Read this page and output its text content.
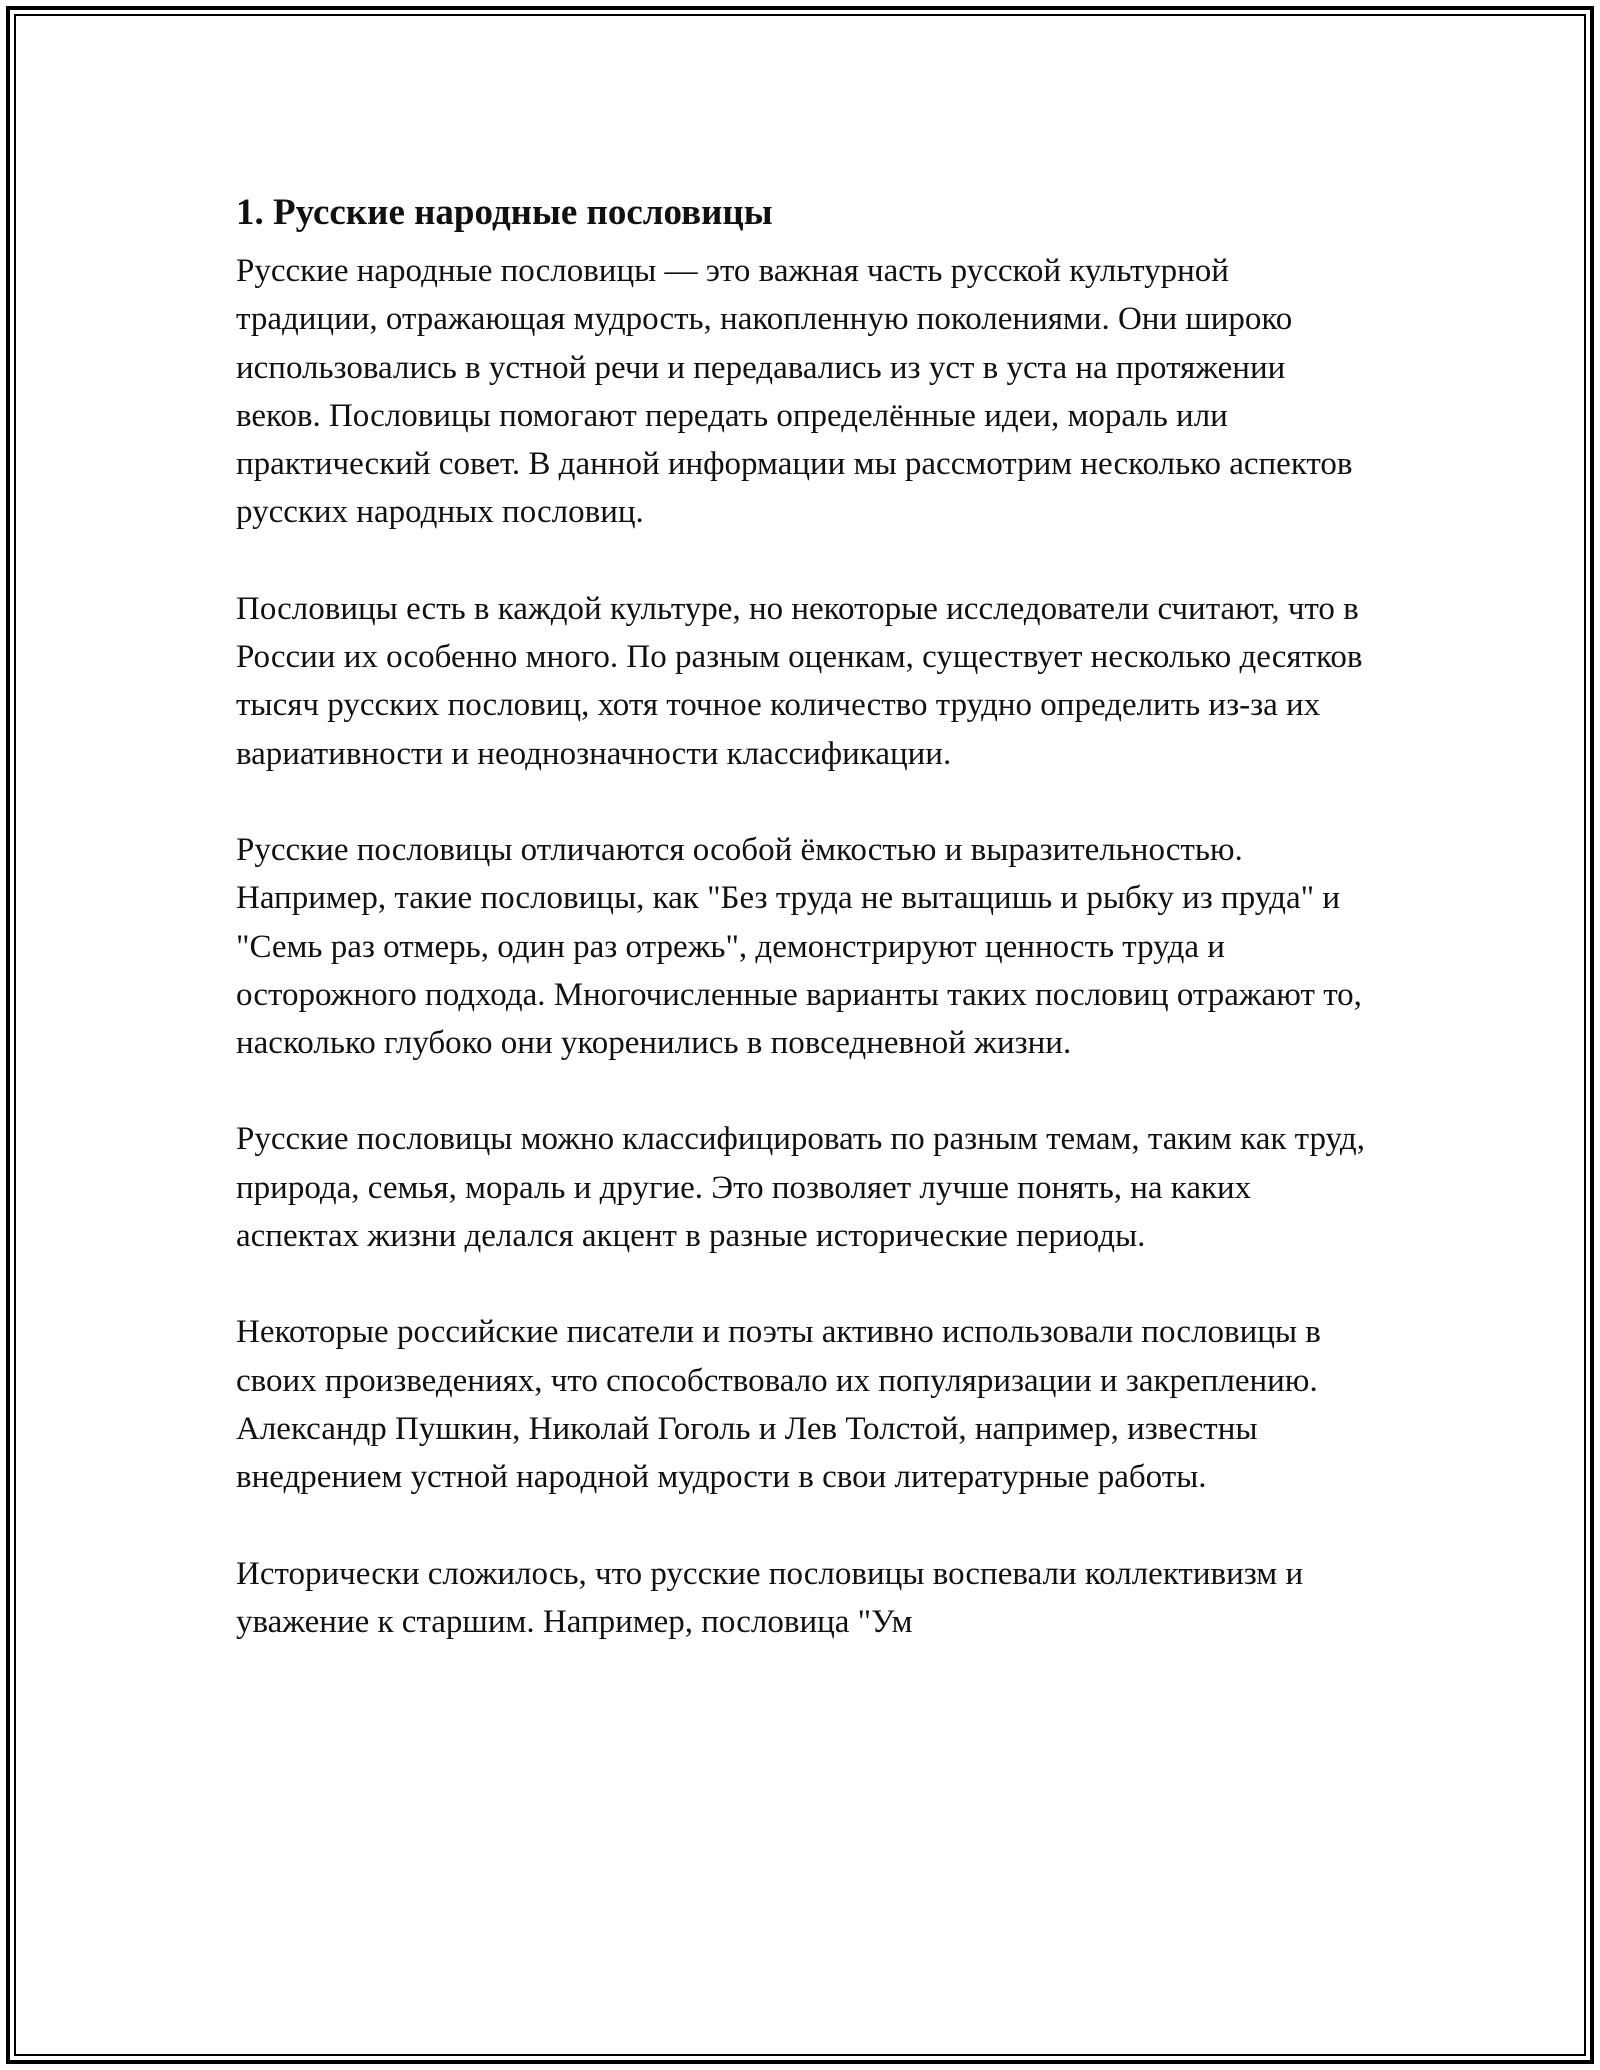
1. Русские народные пословицы

Русские народные пословицы — это важная часть русской культурной традиции, отражающая мудрость, накопленную поколениями. Они широко использовались в устной речи и передавались из уст в уста на протяжении веков. Пословицы помогают передать определённые идеи, мораль или практический совет. В данной информации мы рассмотрим несколько аспектов русских народных пословиц.

Пословицы есть в каждой культуре, но некоторые исследователи считают, что в России их особенно много. По разным оценкам, существует несколько десятков тысяч русских пословиц, хотя точное количество трудно определить из-за их вариативности и неоднозначности классификации.

Русские пословицы отличаются особой ёмкостью и выразительностью. Например, такие пословицы, как "Без труда не вытащишь и рыбку из пруда" и "Семь раз отмерь, один раз отрежь", демонстрируют ценность труда и осторожного подхода. Многочисленные варианты таких пословиц отражают то, насколько глубоко они укоренились в повседневной жизни.

Русские пословицы можно классифицировать по разным темам, таким как труд, природа, семья, мораль и другие. Это позволяет лучше понять, на каких аспектах жизни делался акцент в разные исторические периоды.

Некоторые российские писатели и поэты активно использовали пословицы в своих произведениях, что способствовало их популяризации и закреплению. Александр Пушкин, Николай Гоголь и Лев Толстой, например, известны внедрением устной народной мудрости в свои литературные работы.

Исторически сложилось, что русские пословицы воспевали коллективизм и уважение к старшим. Например, пословица "Ум
